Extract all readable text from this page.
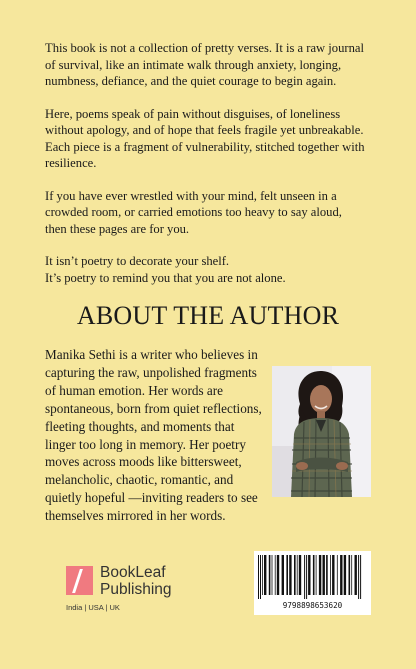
This book is not a collection of pretty verses. It is a raw journal of survival, like an intimate walk through anxiety, longing, numbness, defiance, and the quiet courage to begin again.

Here, poems speak of pain without disguises, of loneliness without apology, and of hope that feels fragile yet unbreakable. Each piece is a fragment of vulnerability, stitched together with resilience.

If you have ever wrestled with your mind, felt unseen in a crowded room, or carried emotions too heavy to say aloud, then these pages are for you.

It isn’t poetry to decorate your shelf.
It’s poetry to remind you that you are not alone.

ABOUT THE AUTHOR
Manika Sethi is a writer who believes in capturing the raw, unpolished fragments of human emotion. Her words are spontaneous, born from quiet reflections, fleeting thoughts, and moments that linger too long in memory. Her poetry moves across moods like bittersweet, melancholic, chaotic, romantic, and quietly hopeful —inviting readers to see themselves mirrored in her words.
BookLeaf
Publishing
India | USA | UK	9798898653620
